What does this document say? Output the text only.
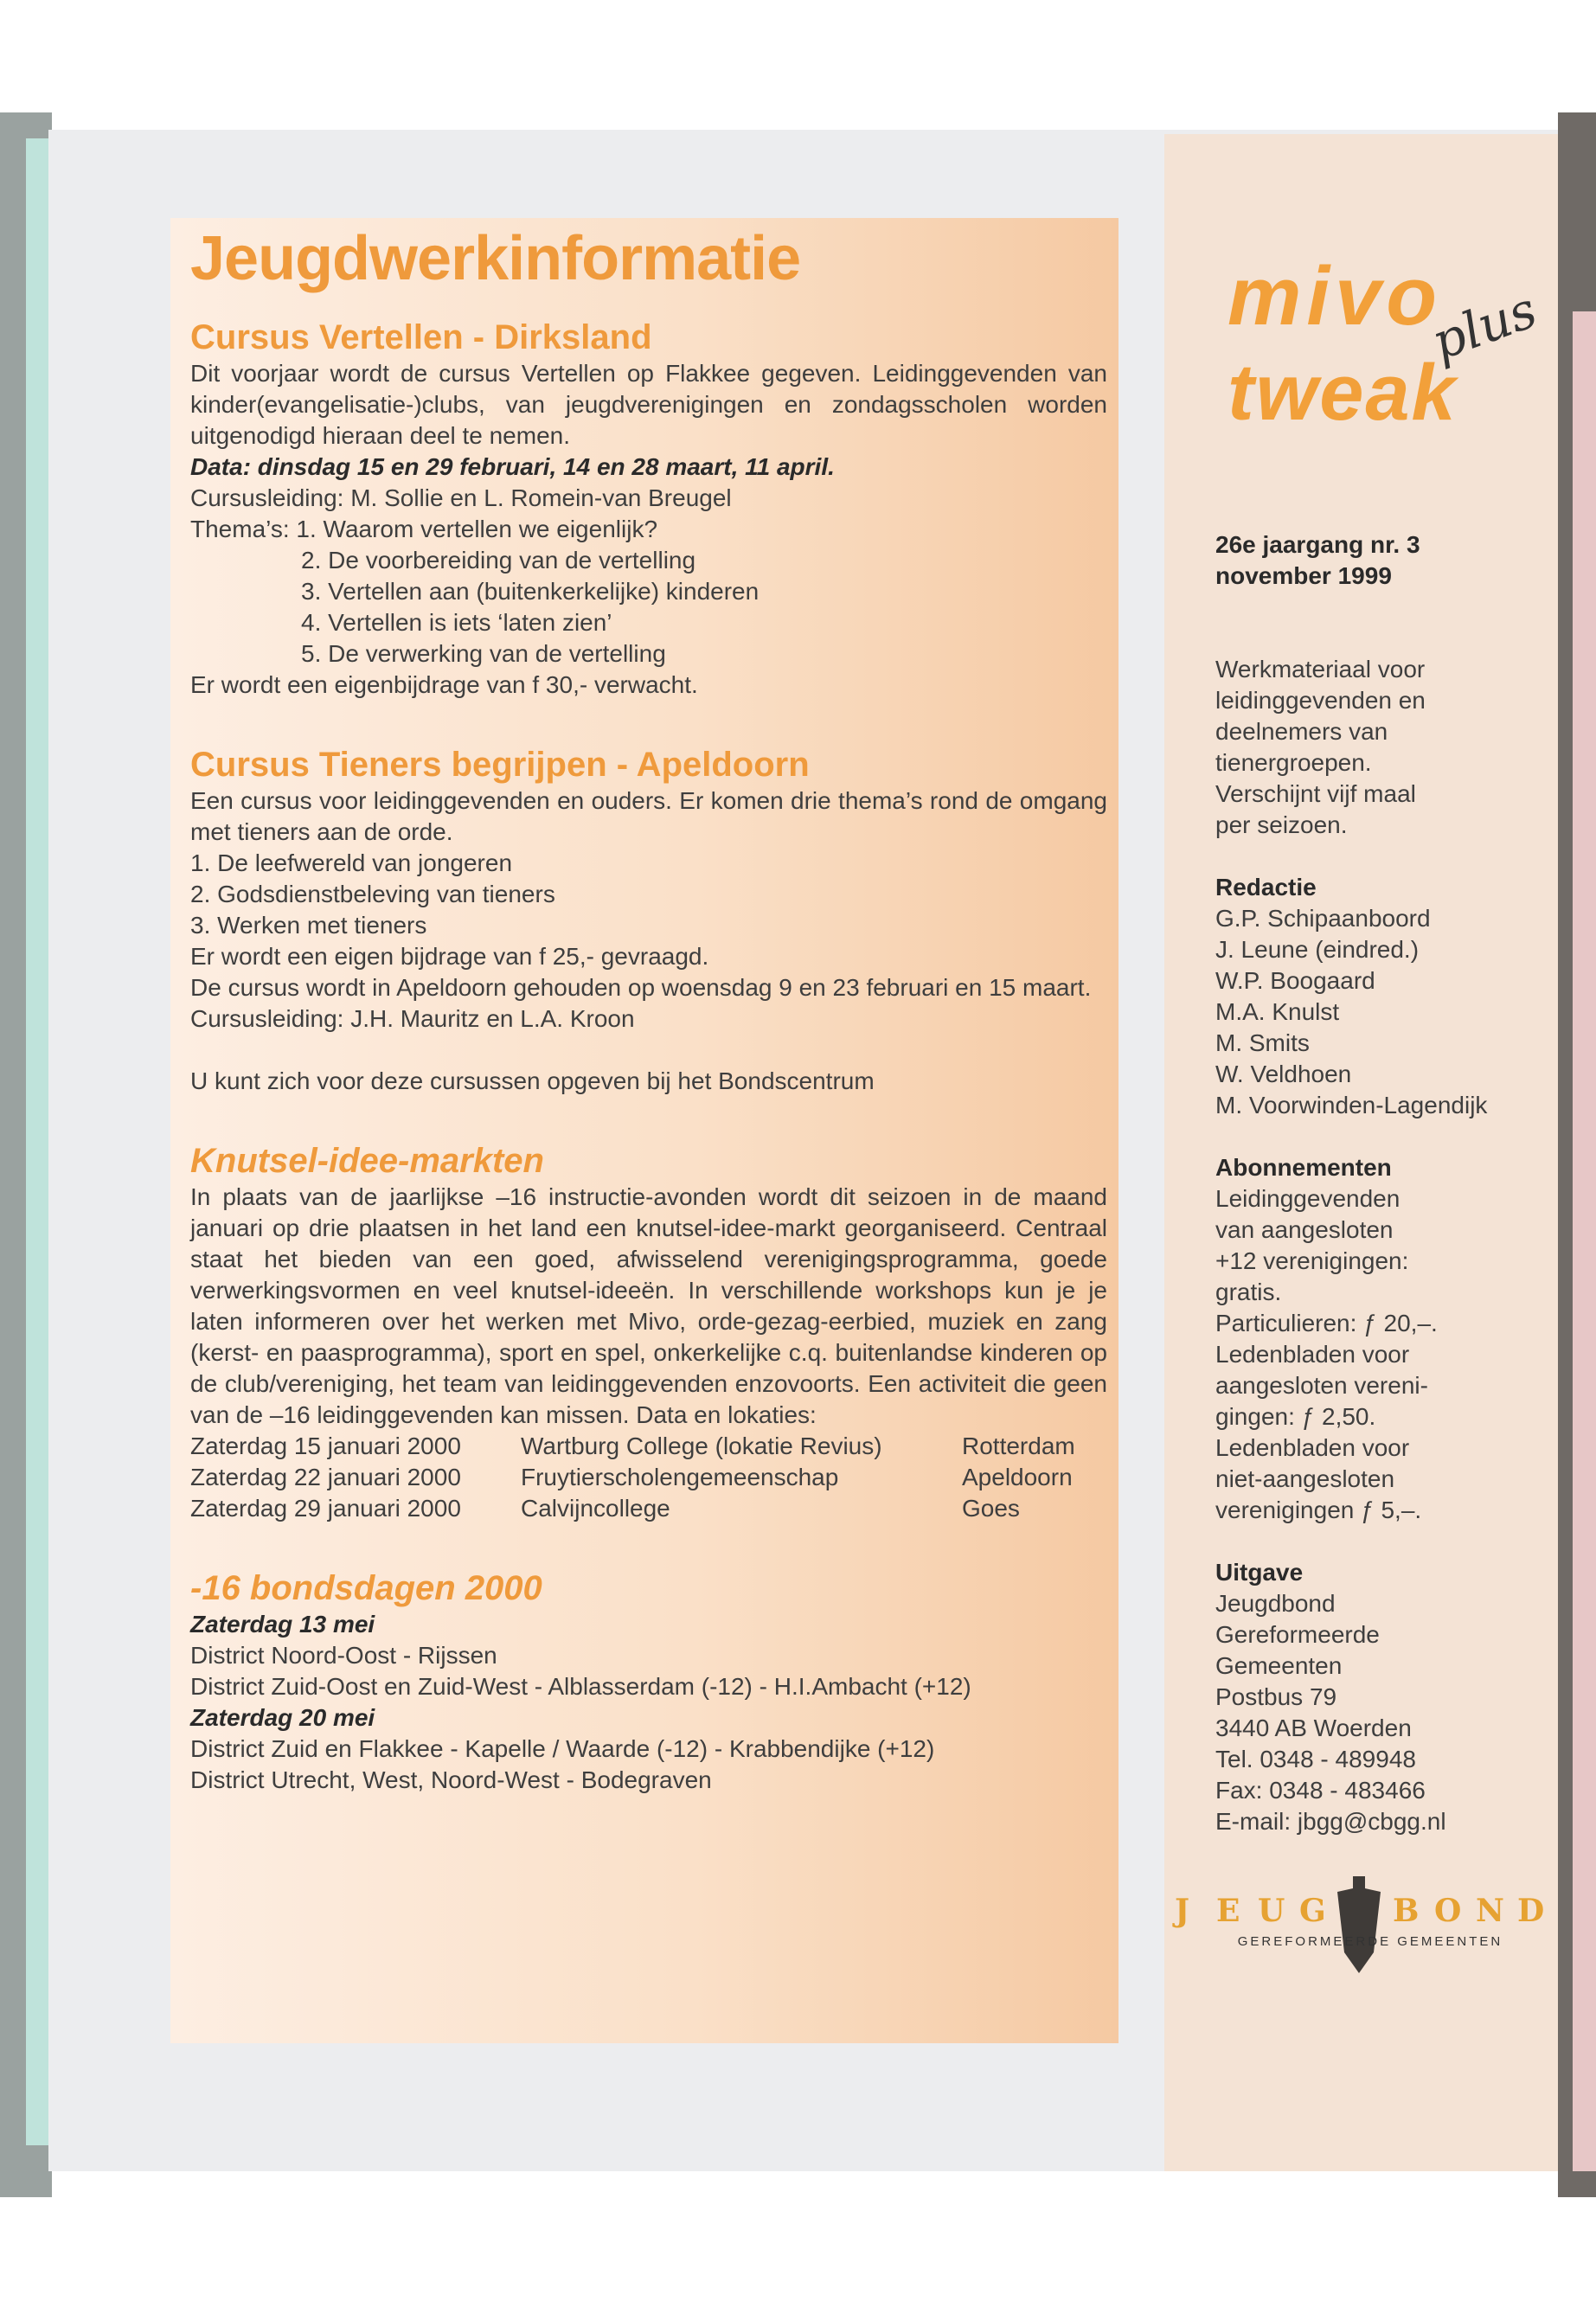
Jeugdwerkinformatie
Cursus Vertellen - Dirksland

Dit voorjaar wordt de cursus Vertellen op Flakkee gegeven. Leidinggevenden van kinder(evangelisatie-)clubs, van jeugdverenigingen en zondagsscholen worden uitgenodigd hieraan deel te nemen.

Data: dinsdag 15 en 29 februari, 14 en 28 maart, 11 april.

Cursusleiding: M. Sollie en L. Romein-van Breugel

Thema’s: 1. Waarom vertellen we eigenlijk?

2. De voorbereiding van de vertelling

3. Vertellen aan (buitenkerkelijke) kinderen

4. Vertellen is iets ‘laten zien’

5. De verwerking van de vertelling

Er wordt een eigenbijdrage van f 30,- verwacht.

Cursus Tieners begrijpen - Apeldoorn

Een cursus voor leidinggevenden en ouders. Er komen drie thema’s rond de omgang met tieners aan de orde.

1. De leefwereld van jongeren

2. Godsdienstbeleving van tieners

3. Werken met tieners

Er wordt een eigen bijdrage van f 25,- gevraagd.

De cursus wordt in Apeldoorn gehouden op woensdag 9 en 23 februari en 15 maart.

Cursusleiding: J.H. Mauritz en L.A. Kroon

U kunt zich voor deze cursussen opgeven bij het Bondscentrum

Knutsel-idee-markten

In plaats van de jaarlijkse –16 instructie-avonden wordt dit seizoen in de maand januari op drie plaatsen in het land een knutsel-idee-markt georganiseerd. Centraal staat het bieden van een goed, afwisselend verenigingsprogramma, goede verwerkingsvormen en veel knutsel-ideeën. In verschillende workshops kun je je laten informeren over het werken met Mivo, orde-gezag-eerbied, muziek en zang (kerst- en paasprogramma), sport en spel, onkerkelijke c.q. buitenlandse kinderen op de club/vereniging, het team van leidinggevenden enzovoorts. Een activiteit die geen van de –16 leidinggevenden kan missen. Data en lokaties:

Zaterdag 15 januari 2000	Wartburg College (lokatie Revius)	Rotterdam
Zaterdag 22 januari 2000	Fruytierscholengemeenschap	Apeldoorn
Zaterdag 29 januari 2000	Calvijncollege	Goes
-16 bondsdagen 2000

Zaterdag 13 mei

District Noord-Oost - Rijssen

District Zuid-Oost en Zuid-West - Alblasserdam (-12) - H.I.Ambacht (+12)

Zaterdag 20 mei

District Zuid en Flakkee - Kapelle / Waarde (-12) - Krabbendijke (+12)

District Utrecht, West, Noord-West - Bodegraven

mivo
tweak
plus
26e jaargang nr. 3
november 1999
Werkmateriaal voor
leidinggevenden en
deelnemers van
tienergroepen.
Verschijnt vijf maal
per seizoen.
Redactie
G.P. Schipaanboord
J. Leune (eindred.)
W.P. Boogaard
M.A. Knulst
M. Smits
W. Veldhoen
M. Voorwinden-Lagendijk
Abonnementen
Leidinggevenden
van aangesloten
+12 verenigingen:
gratis.
Particulieren: ƒ 20,–.
Ledenbladen voor
aangesloten vereni-
gingen: ƒ 2,50.
Ledenbladen voor
niet-aangesloten
verenigingen ƒ 5,–.
Uitgave
Jeugdbond
Gereformeerde
Gemeenten
Postbus 79
3440 AB Woerden
Tel. 0348 - 489948
Fax: 0348 - 483466
E-mail: jbgg@cbgg.nl
J E U G B O N D
GEREFORMEERDE GEMEENTEN
